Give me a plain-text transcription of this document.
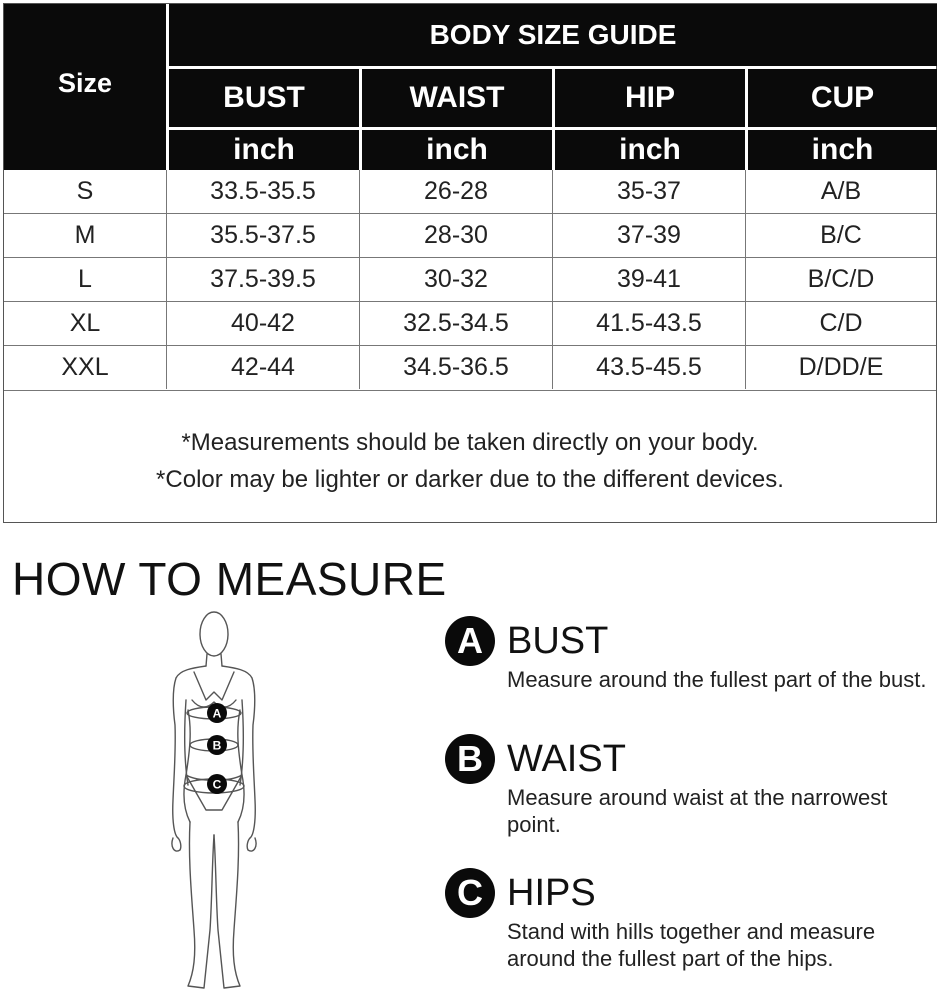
Size
BODY SIZE GUIDE
BUST	WAIST	HIP	CUP
inch	inch	inch	inch
S	33.5-35.5	26-28	35-37	A/B
M	35.5-37.5	28-30	37-39	B/C
L	37.5-39.5	30-32	39-41	B/C/D
XL	40-42	32.5-34.5	41.5-43.5	C/D
XXL	42-44	34.5-36.5	43.5-45.5	D/DD/E
*Measurements should be taken directly on your body.
*Color may be lighter or darker due to the different devices.
HOW TO MEASURE
A
B
C
A BUST
Measure around the fullest part of the bust.
B WAIST
Measure around waist at the narrowest point.
C HIPS
Stand with hills together and measure around the fullest part of the hips.
